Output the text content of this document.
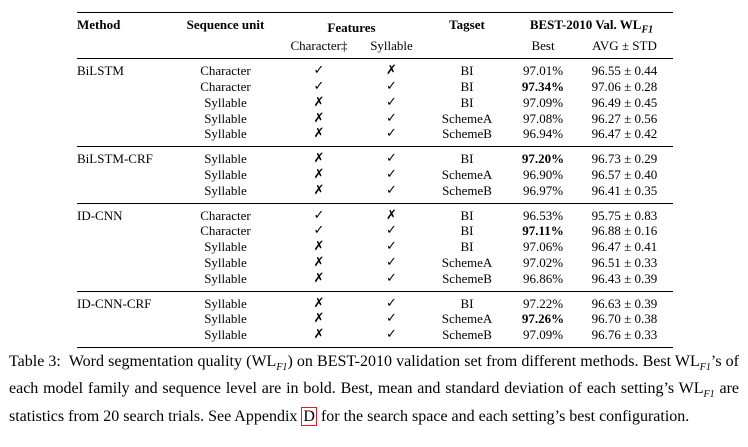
Method	Sequence unit	Features		Tagset	BEST-2010 Val. $WL_{F1}$
		Character‡	Syllable		Best	AVG ± STD
BiLSTM	Character	✓	✗	BI	97.01%	96.55 ± 0.44
	Character	✓	✓	BI	97.34%	97.06 ± 0.28
	Syllable	✗	✓	BI	97.09%	96.49 ± 0.45
	Syllable	✗	✓	SchemeA	97.08%	96.27 ± 0.56
	Syllable	✗	✓	SchemeB	96.94%	96.47 ± 0.42
BiLSTM-CRF	Syllable	✗	✓	BI	97.20%	96.73 ± 0.29
	Syllable	✗	✓	SchemeA	96.90%	96.57 ± 0.40
	Syllable	✗	✓	SchemeB	96.97%	96.41 ± 0.35
ID-CNN	Character	✓	✗	BI	96.53%	95.75 ± 0.83
	Character	✓	✓	BI	97.11%	96.88 ± 0.16
	Syllable	✗	✓	BI	97.06%	96.47 ± 0.41
	Syllable	✗	✓	SchemeA	97.02%	96.51 ± 0.33
	Syllable	✗	✓	SchemeB	96.86%	96.43 ± 0.39
ID-CNN-CRF	Syllable	✗	✓	BI	97.22%	96.63 ± 0.39
	Syllable	✗	✓	SchemeA	97.26%	96.70 ± 0.38
	Syllable	✗	✓	SchemeB	97.09%	96.76 ± 0.33
Table 3: Word segmentation quality $(WL_{F1})$ on BEST-2010 validation set from different methods. Best $WL_{F1}’s$ of each model family and sequence level are in bold. Best, mean and standard deviation of each setting’s $WL_{F1}$ are statistics from 20 search trials. See Appendix D for the search space and each setting’s best configuration.
